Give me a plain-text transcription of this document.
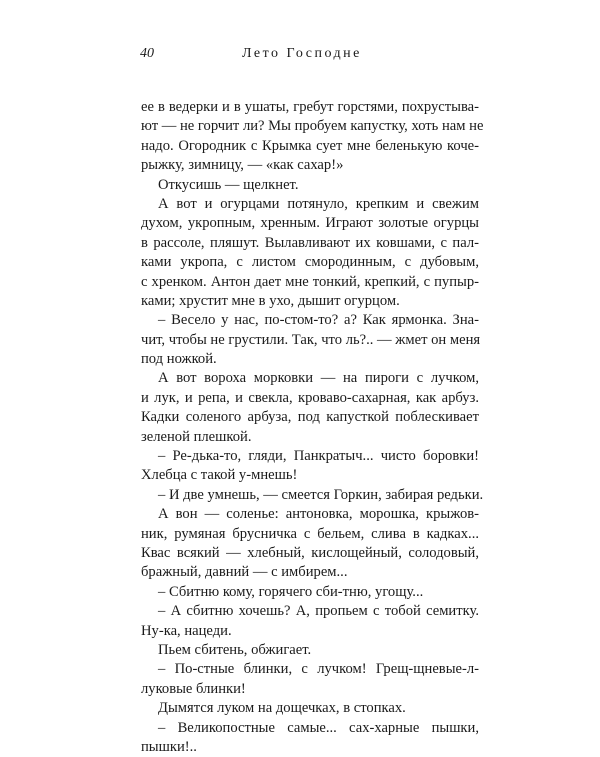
40	Лето Господне
ее в ведерки и в ушаты, гребут горстями, похрустыва-
ют — не горчит ли? Мы пробуем капустку, хоть нам не
надо. Огородник с Крымка сует мне беленькую коче-
рыжку, зимницу, — «как сахар!»
Откусишь — щелкнет.
А вот и огурцами потянуло, крепким и свежим
духом, укропным, хренным. Играют золотые огурцы
в рассоле, пляшут. Вылавливают их ковшами, с пал-
ками укропа, с листом смородинным, с дубовым,
с хренком. Антон дает мне тонкий, крепкий, с пупыр-
ками; хрустит мне в ухо, дышит огурцом.
– Весело у нас, по-стом-то? а? Как ярмонка. Зна-
чит, чтобы не грустили. Так, что ль?.. — жмет он меня
под ножкой.
А вот вороха морковки — на пироги с лучком,
и лук, и репа, и свекла, кроваво-сахарная, как арбуз.
Кадки соленого арбуза, под капусткой поблескивает
зеленой плешкой.
– Ре-дька-то, гляди, Панкратыч... чисто боровки!
Хлебца с такой у-мнешь!
– И две умнешь, — смеется Горкин, забирая редьки.
А вон — соленье: антоновка, морошка, крыжов-
ник, румяная брусничка с бельем, слива в кадках...
Квас всякий — хлебный, кислощейный, солодовый,
бражный, давний — с имбирем...
– Сбитню кому, горячего сби-тню, угощу...
– А сбитню хочешь? А, пропьем с тобой семитку.
Ну-ка, нацеди.
Пьем сбитень, обжигает.
– По-стные блинки, с лучком! Грещ-щневые-л-
луковые блинки!
Дымятся луком на дощечках, в стопках.
– Великопостные самые... сах-харные пышки,
пышки!..
